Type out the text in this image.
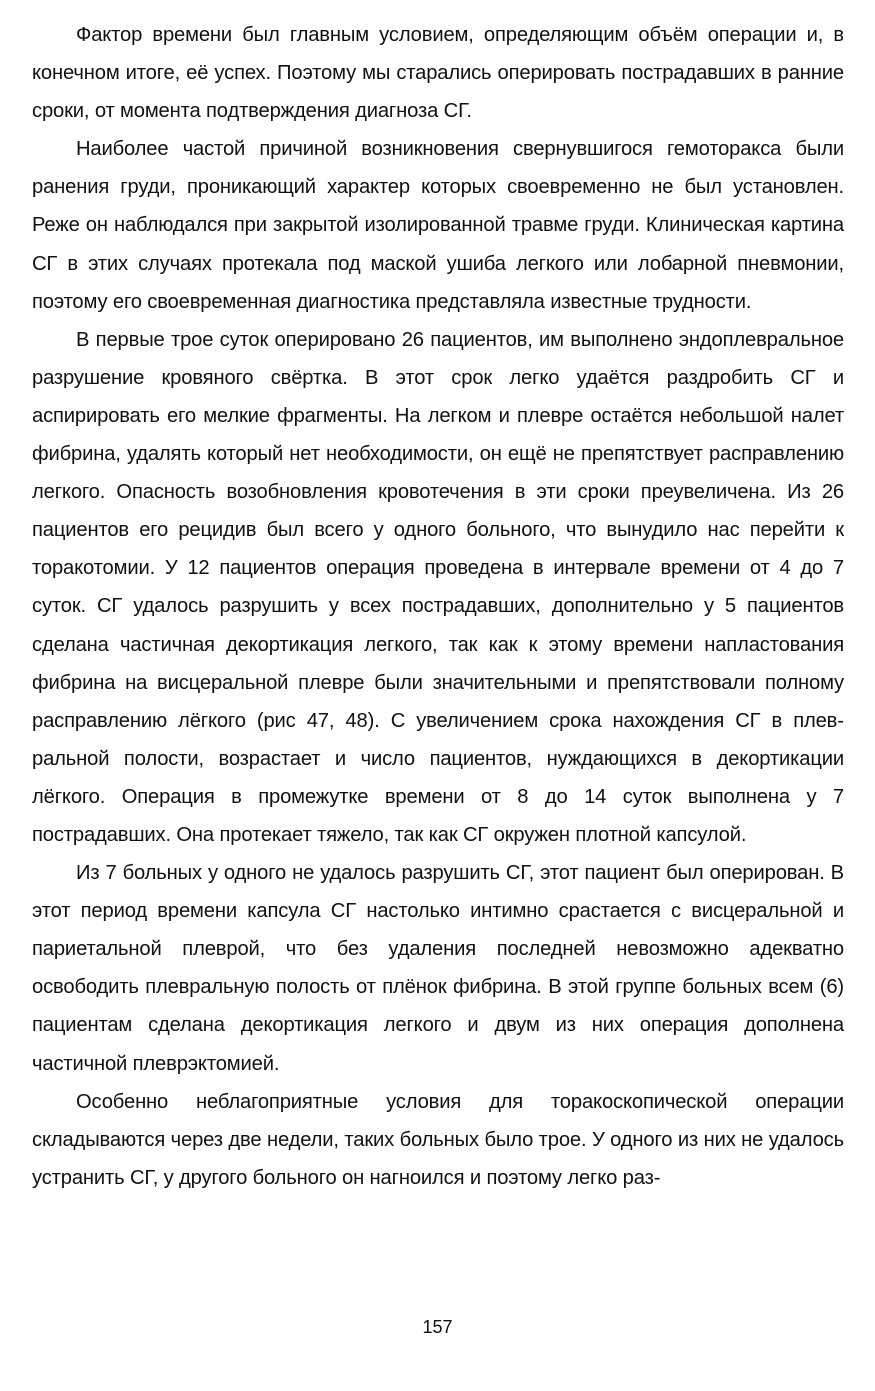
Фактор времени был главным условием, определяющим объём операции и, в конечном итоге, её успех. Поэтому мы старались оперировать пострадавших в ранние сроки, от момента подтверждения диагноза СГ.

Наиболее частой причиной возникновения свернувшигося гемоторакса были ранения груди, проникающий характер которых своевременно не был установлен. Реже он наблюдался при закрытой изолированной травме груди. Клиническая картина СГ в этих случаях протекала под маской ушиба легкого или лобарной пневмонии, поэтому его своевременная диагностика представляла известные трудности.

В первые трое суток оперировано 26 пациентов, им выполнено эндоплевральное разрушение кровяного свёртка. В этот срок легко удаётся раздробить СГ и аспирировать его мелкие фрагменты. На легком и плевре остаётся небольшой налет фибрина, удалять который нет необходимости, он ещё не препятствует расправлению легкого. Опасность возобновления кровотечения в эти сроки преувеличена. Из 26 пациентов его рецидив был всего у одного больного, что вынудило нас перейти к торакотомии. У 12 пациентов операция проведена в интервале времени от 4 до 7 суток. СГ удалось разрушить у всех пострадавших, дополнительно у 5 пациентов сделана частичная декортикация легкого, так как к этому времени напластования фибрина на висцеральной плевре были значительными и препятствовали полному расправлению лёгкого (рис 47, 48). С увеличением срока нахождения СГ в плевральной полости, возрастает и число пациентов, нуждающихся в декортикации лёгкого. Операция в промежутке времени от 8 до 14 суток выполнена у 7 пострадавших. Она протекает тяжело, так как СГ окружен плотной капсулой.

Из 7 больных у одного не удалось разрушить СГ, этот пациент был оперирован. В этот период времени капсула СГ настолько интимно срастается с висцеральной и париетальной плеврой, что без удаления последней невозможно адекватно освободить плевральную полость от плёнок фибрина. В этой группе больных всем (6) пациентам сделана декортикация легкого и двум из них операция дополнена частичной плеврэктомией.

Особенно неблагоприятные условия для торакоскопической операции складываются через две недели, таких больных было трое. У одного из них не удалось устранить СГ, у другого больного он нагноился и поэтому легко раз-

157
